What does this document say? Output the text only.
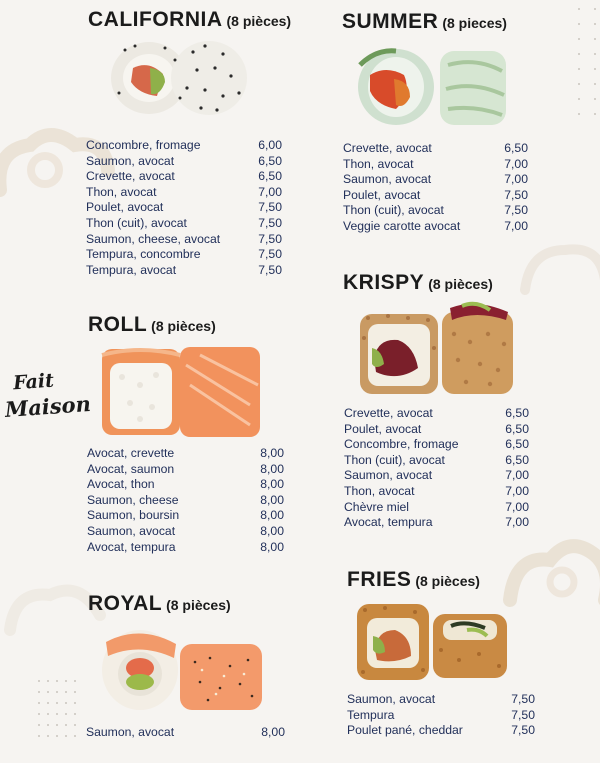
Fait
Maison
CALIFORNIA (8 pièces)
Concombre, fromage	6,00
Saumon, avocat	6,50
Crevette, avocat	6,50
Thon, avocat	7,00
Poulet, avocat	7,50
Thon (cuit), avocat	7,50
Saumon, cheese, avocat	7,50
Tempura, concombre	7,50
Tempura, avocat	7,50
ROLL (8 pièces)
Avocat, crevette	8,00
Avocat, saumon	8,00
Avocat, thon	8,00
Saumon, cheese	8,00
Saumon, boursin	8,00
Saumon, avocat	8,00
Avocat, tempura	8,00
ROYAL (8 pièces)
Saumon, avocat	8,00
SUMMER (8 pieces)
Crevette, avocat	6,50
Thon, avocat	7,00
Saumon, avocat	7,00
Poulet, avocat	7,50
Thon (cuit), avocat	7,50
Veggie carotte avocat	7,00
KRISPY (8 pièces)
Crevette, avocat	6,50
Poulet, avocat	6,50
Concombre, fromage	6,50
Thon (cuit), avocat	6,50
Saumon, avocat	7,00
Thon, avocat	7,00
Chèvre miel	7,00
Avocat, tempura	7,00
FRIES (8 pièces)
Saumon, avocat	7,50
Tempura	7,50
Poulet pané, cheddar	7,50
